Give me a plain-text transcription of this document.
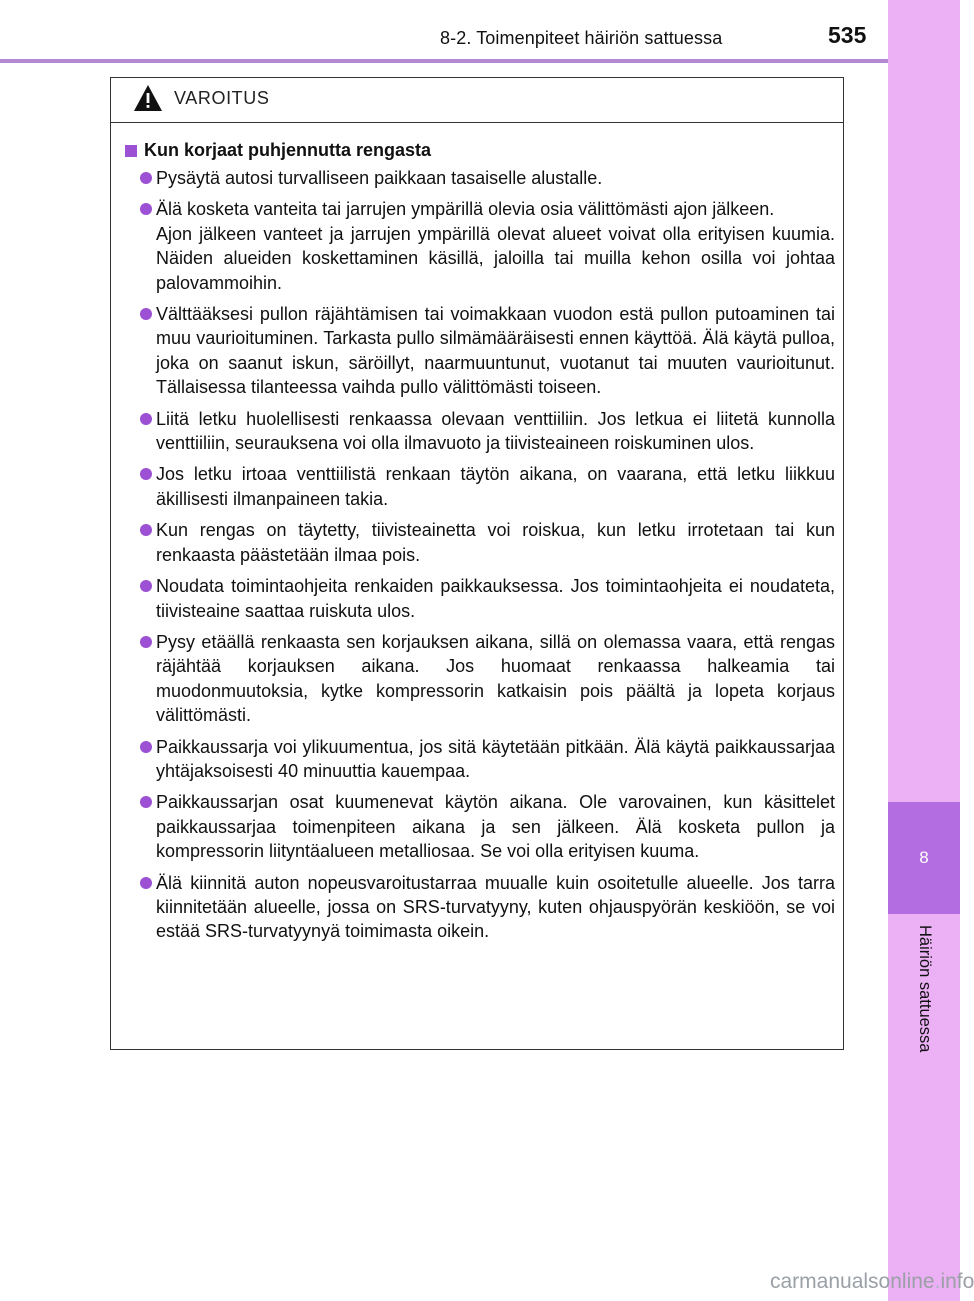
8
Häiriön sattuessa
8-2. Toimenpiteet häiriön sattuessa	535
VAROITUS
Kun korjaat puhjennutta rengasta
Pysäytä autosi turvalliseen paikkaan tasaiselle alustalle.
Älä kosketa vanteita tai jarrujen ympärillä olevia osia välittömästi ajon jälkeen.
Ajon jälkeen vanteet ja jarrujen ympärillä olevat alueet voivat olla erityisen kuumia. Näiden alueiden koskettaminen käsillä, jaloilla tai muilla kehon osilla voi johtaa palovammoihin.
Välttääksesi pullon räjähtämisen tai voimakkaan vuodon estä pullon putoaminen tai muu vaurioituminen. Tarkasta pullo silmämääräisesti ennen käyttöä. Älä käytä pulloa, joka on saanut iskun, säröillyt, naarmuuntunut, vuotanut tai muuten vaurioitunut. Tällaisessa tilanteessa vaihda pullo välittömästi toiseen.
Liitä letku huolellisesti renkaassa olevaan venttiiliin. Jos letkua ei liitetä kunnolla venttiiliin, seurauksena voi olla ilmavuoto ja tiivisteaineen roiskuminen ulos.
Jos letku irtoaa venttiilistä renkaan täytön aikana, on vaarana, että letku liikkuu äkillisesti ilmanpaineen takia.
Kun rengas on täytetty, tiivisteainetta voi roiskua, kun letku irrotetaan tai kun renkaasta päästetään ilmaa pois.
Noudata toimintaohjeita renkaiden paikkauksessa. Jos toimintaohjeita ei noudateta, tiivisteaine saattaa ruiskuta ulos.
Pysy etäällä renkaasta sen korjauksen aikana, sillä on olemassa vaara, että rengas räjähtää korjauksen aikana. Jos huomaat renkaassa halkeamia tai muodonmuutoksia, kytke kompressorin katkaisin pois päältä ja lopeta korjaus välittömästi.
Paikkaussarja voi ylikuumentua, jos sitä käytetään pitkään. Älä käytä paikkaussarjaa yhtäjaksoisesti 40 minuuttia kauempaa.
Paikkaussarjan osat kuumenevat käytön aikana. Ole varovainen, kun käsittelet paikkaussarjaa toimenpiteen aikana ja sen jälkeen. Älä kosketa pullon ja kompressorin liityntäalueen metalliosaa. Se voi olla erityisen kuuma.
Älä kiinnitä auton nopeusvaroitustarraa muualle kuin osoitetulle alueelle. Jos tarra kiinnitetään alueelle, jossa on SRS-turvatyyny, kuten ohjauspyörän keskiöön, se voi estää SRS-turvatyynyä toimimasta oikein.
carmanualsonline.info
